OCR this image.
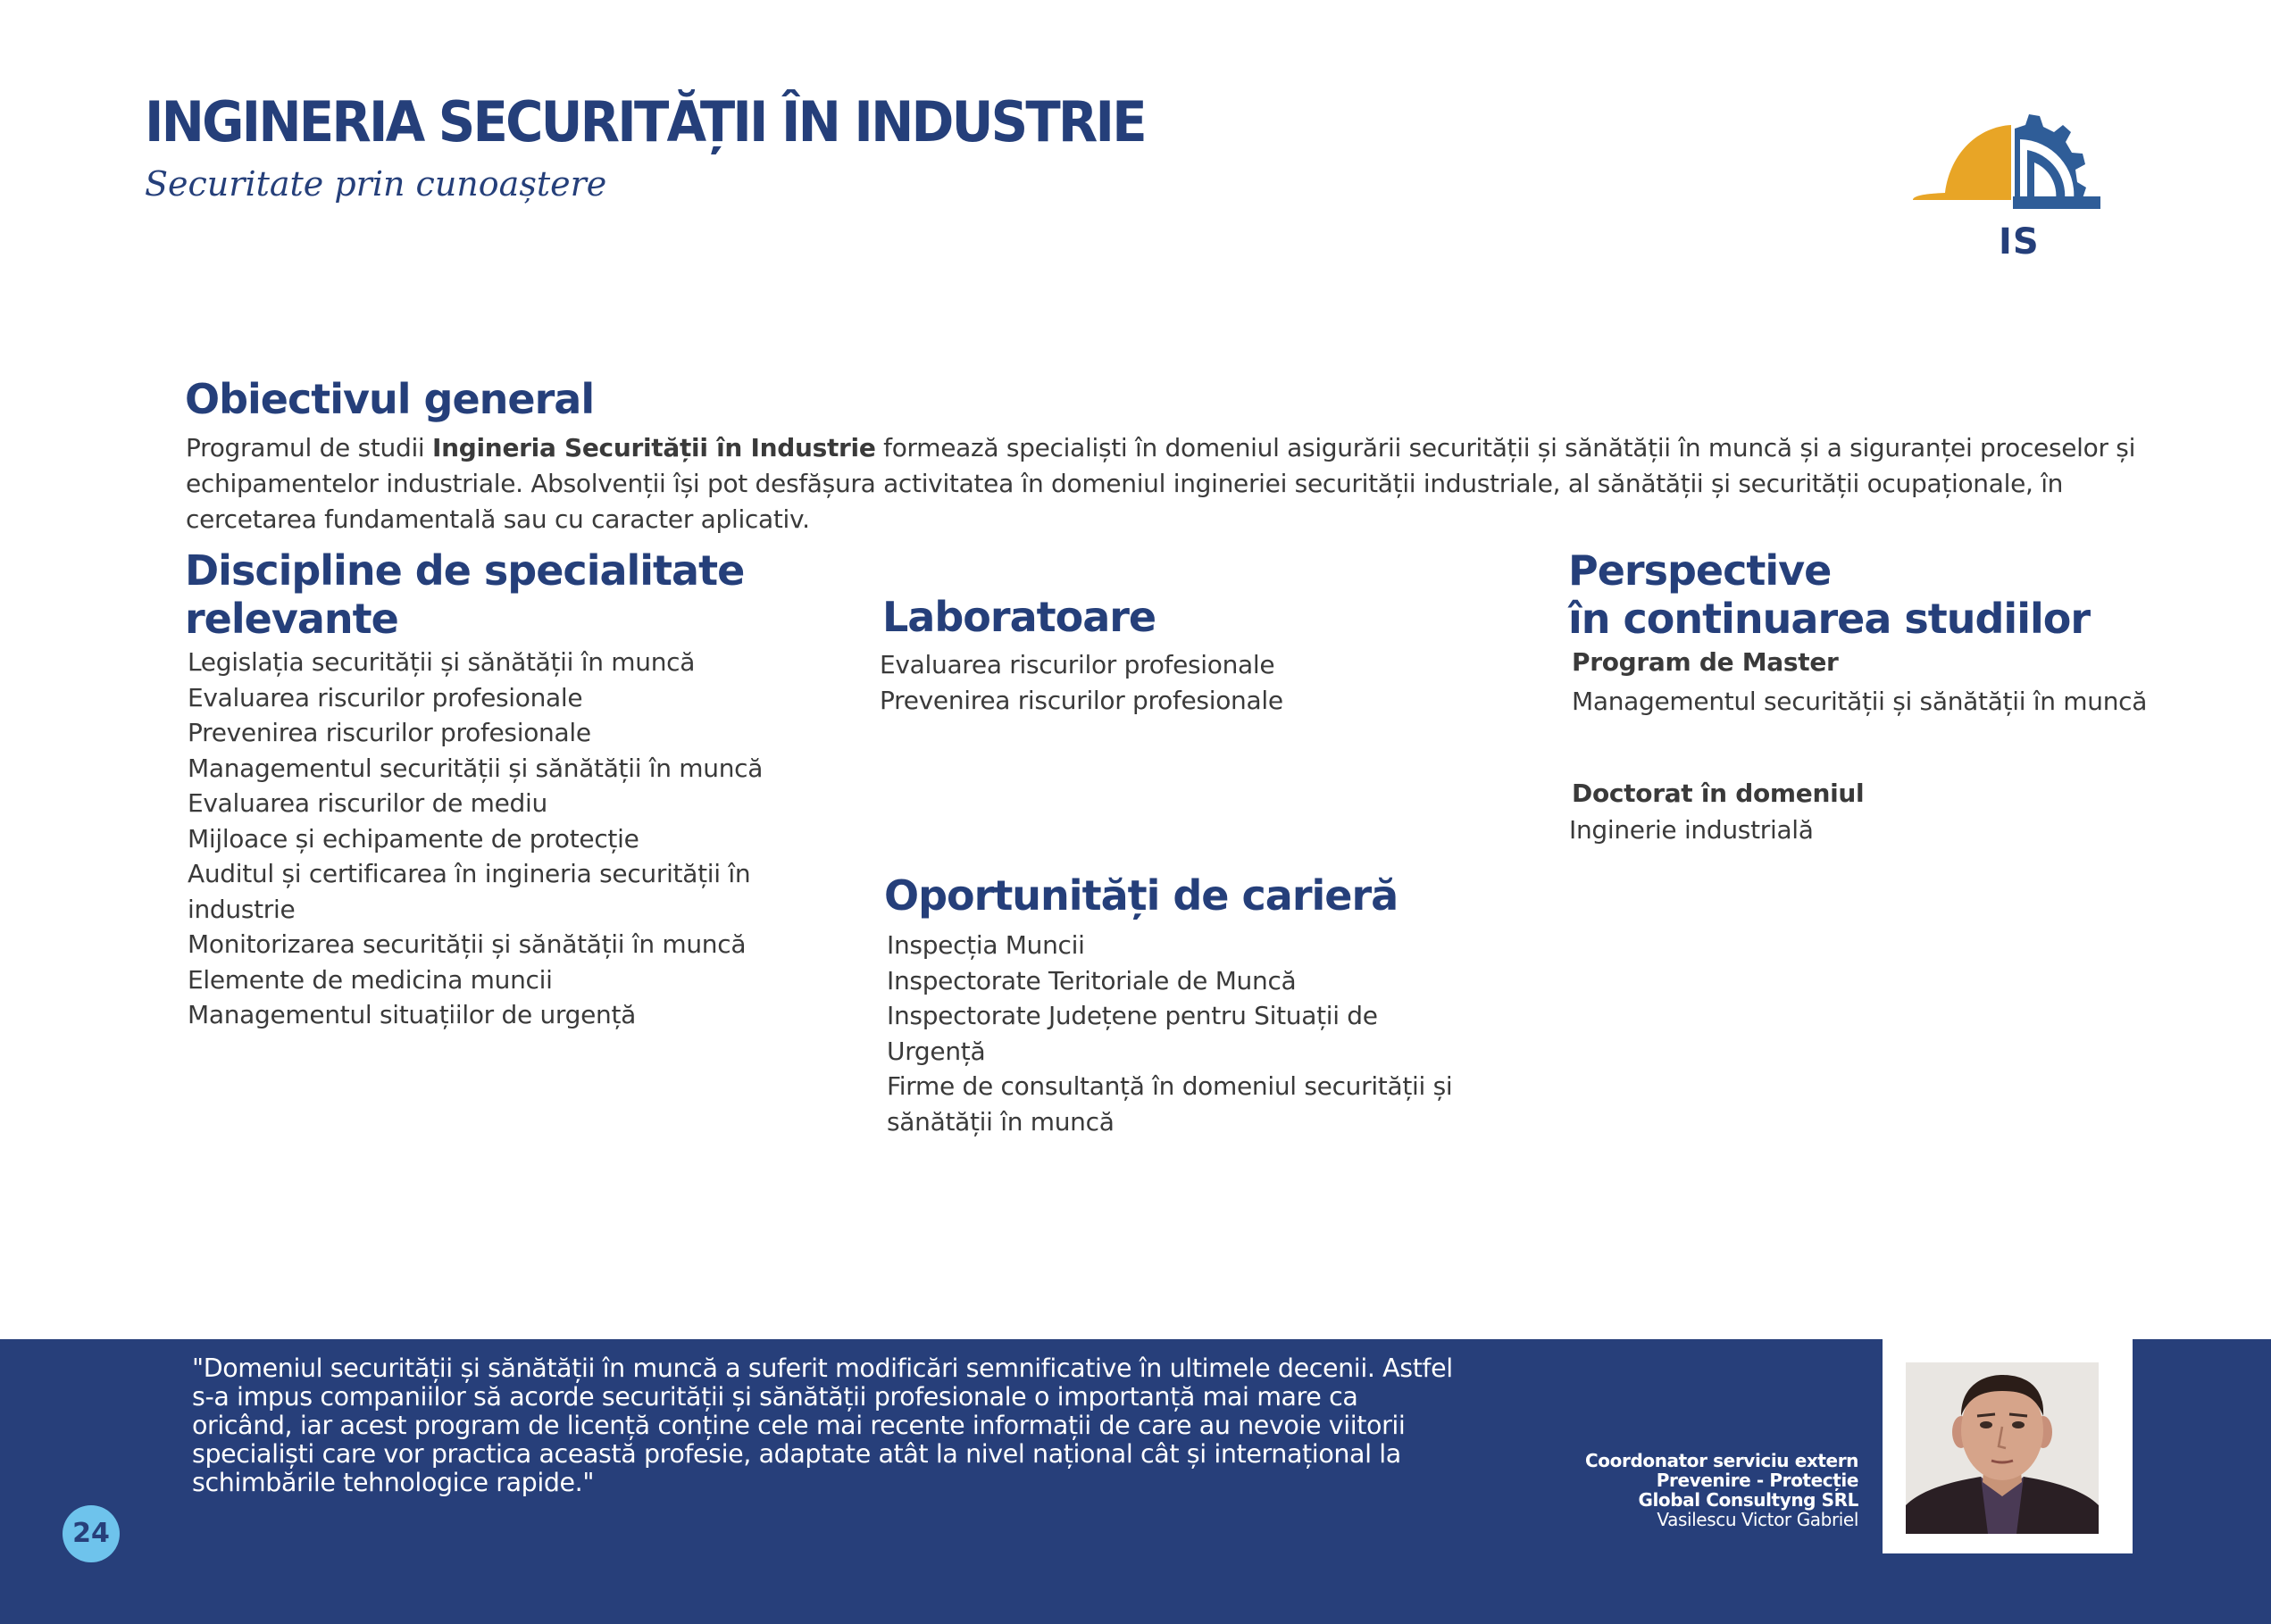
INGINERIA SECURITĂȚII ÎN INDUSTRIE
Securitate prin cunoaștere
IS
Obiectivul general
Programul de studii Ingineria Securității în Industrie formează specialiști în domeniul asigurării securității și sănătății în muncă și a siguranței proceselor și echipamentelor industriale. Absolvenții își pot desfășura activitatea în domeniul ingineriei securității industriale, al sănătății și securității ocupaționale, în cercetarea fundamentală sau cu caracter aplicativ.
Discipline de specialitate
relevante
Legislația securității și sănătății în muncă
Evaluarea riscurilor profesionale
Prevenirea riscurilor profesionale
Managementul securității și sănătății în muncă
Evaluarea riscurilor de mediu
Mijloace și echipamente de protecție
Auditul și certificarea în ingineria securității în industrie
Monitorizarea securității și sănătății în muncă
Elemente de medicina muncii
Managementul situațiilor de urgență
Laboratoare
Evaluarea riscurilor profesionale
Prevenirea riscurilor profesionale
Oportunități de carieră
Inspecția Muncii
Inspectorate Teritoriale de Muncă
Inspectorate Județene pentru Situații de Urgență
Firme de consultanță în domeniul securității și sănătății în muncă
Perspective
în continuarea studiilor
Program de Master
Managementul securității și sănătății în muncă
Doctorat în domeniul
Inginerie industrială
"Domeniul securității și sănătății în muncă a suferit modificări semnificative în ultimele decenii. Astfel s-a impus companiilor să acorde securității și sănătății profesionale o importanță mai mare ca oricând, iar acest program de licență conține cele mai recente informații de care au nevoie viitorii specialiști care vor practica această profesie, adaptate atât la nivel național cât și internațional la schimbările tehnologice rapide."
24
Coordonator serviciu extern
Prevenire - Protecție
Global Consultyng SRL
Vasilescu Victor Gabriel
